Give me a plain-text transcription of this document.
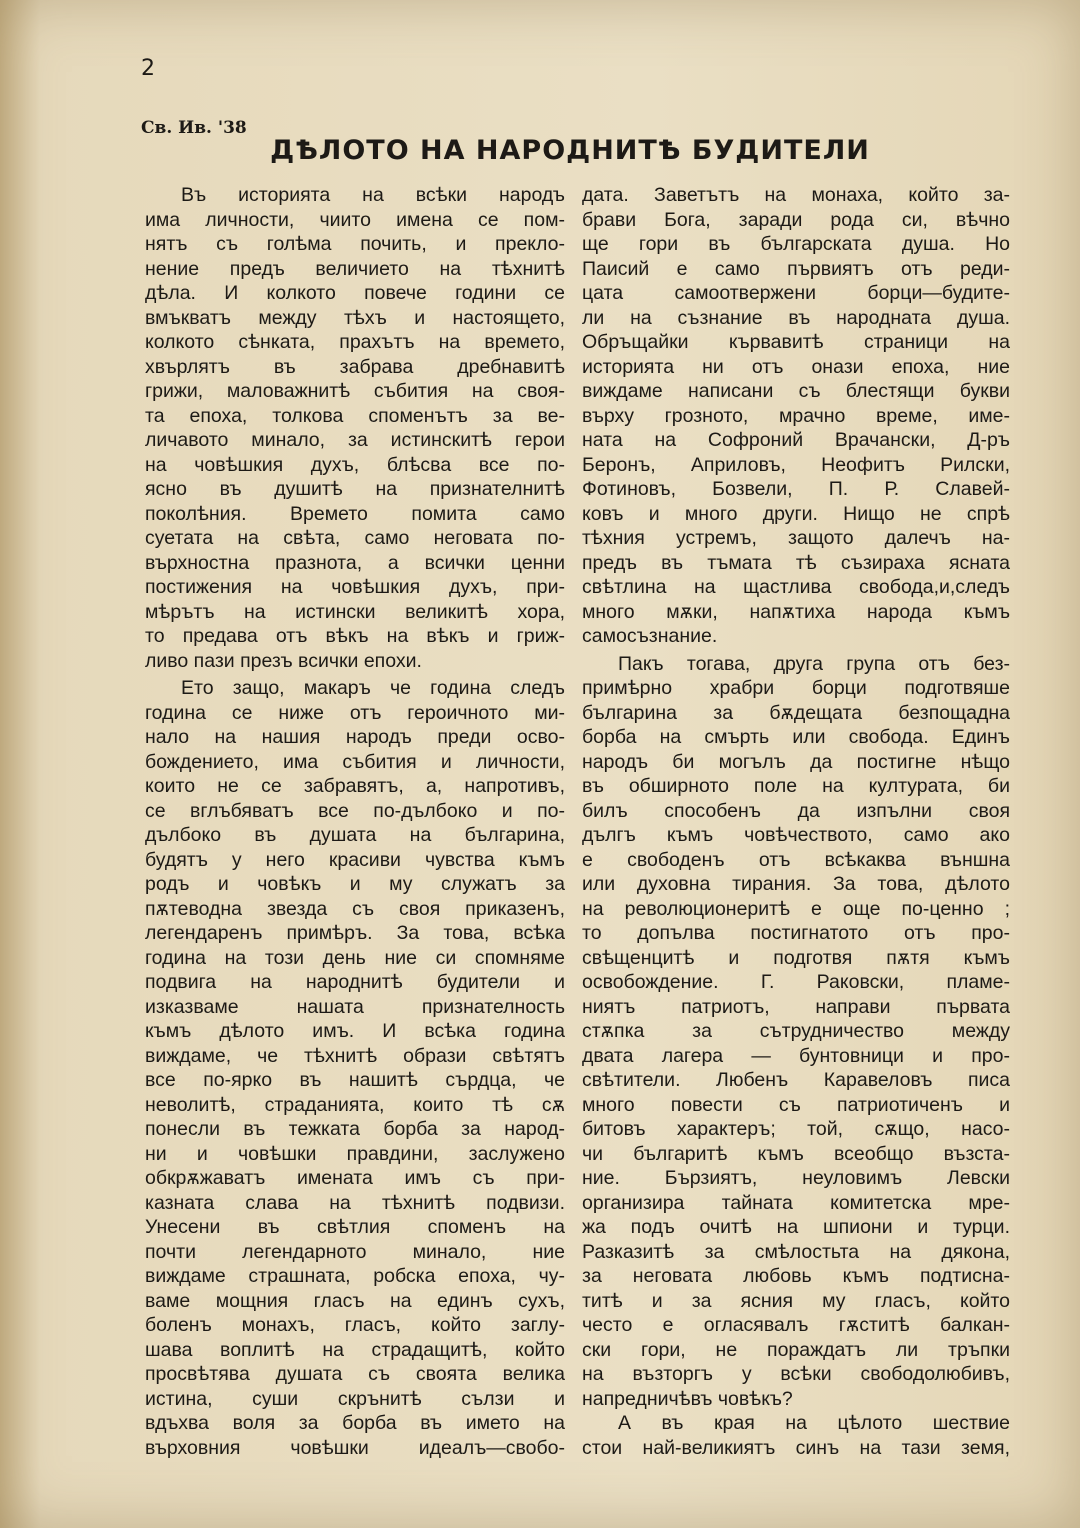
2
Св. Ив. '38
ДѢЛОТО НА НАРОДНИТѢ БУДИТЕЛИ
Въ историята на всѣки народъ
има личности, чиито имена се пом-
нятъ съ голѣма почить, и прекло-
нение предъ величието на тѣхнитѣ
дѣла. И колкото повече години се
вмъкватъ между тѣхъ и настоящето,
колкото сѣнката, прахътъ на времето,
хвърлятъ въ забрава дребнавитѣ
грижи, маловажнитѣ събития на своя-
та епоха, толкова споменътъ за ве-
личавото минало, за истинскитѣ герои
на човѣшкия духъ, блѣсва все по-
ясно въ душитѣ на признателнитѣ
поколѣния. Времето помита само
суетата на свѣта, само неговата по-
върхностна празнота, а всички ценни
постижения на човѣшкия духъ, при-
мѣрътъ на истински великитѣ хора,
то предава отъ вѣкъ на вѣкъ и гриж-
ливо пази презъ всички епохи.
Ето защо, макаръ че година следъ
година се ниже отъ героичното ми-
нало на нашия народъ преди осво-
бождението, има събития и личности,
които не се забравятъ, а, напротивъ,
се вглъбяватъ все по-дълбоко и по-
дълбоко въ душата на българина,
будятъ у него красиви чувства къмъ
родъ и човѣкъ и му служатъ за
пѫтеводна звезда съ своя приказенъ,
легендаренъ примѣръ. За това, всѣка
година на този день ние си спомняме
подвига на народнитѣ будители и
изказваме нашата признателность
къмъ дѣлото имъ. И всѣка година
виждаме, че тѣхнитѣ образи свѣтятъ
все по-ярко въ нашитѣ сърдца, че
неволитѣ, страданията, които тѣ сѫ
понесли въ тежката борба за народ-
ни и човѣшки правдини, заслужено
обкрѫжаватъ имената имъ съ при-
казната слава на тѣхнитѣ подвизи.
Унесени въ свѣтлия споменъ на
почти легендарното минало, ние
виждаме страшната, робска епоха, чу-
ваме мощния гласъ на единъ сухъ,
боленъ монахъ, гласъ, който заглу-
шава воплитѣ на страдащитѣ, който
просвѣтява душата съ своята велика
истина, суши скрънитѣ сълзи и
вдъхва воля за борба въ името на
върховния човѣшки идеалъ—свобо-
дата. Заветътъ на монаха, който за-
брави Бога, заради рода си, вѣчно
ще гори въ българската душа. Но
Паисий е само първиятъ отъ реди-
цата самоотвержени борци—будите-
ли на съзнание въ народната душа.
Обръщайки кървавитѣ страници на
историята ни отъ онази епоха, ние
виждаме написани съ блестящи букви
върху грозното, мрачно време, име-
ната на Софроний Врачански, Д-ръ
Беронъ, Априловъ, Неофитъ Рилски,
Фотиновъ, Бозвели, П. Р. Славей-
ковъ и много други. Нищо не спрѣ
тѣхния устремъ, защото далечъ на-
предъ въ тъмата тѣ съзираха ясната
свѣтлина на щастлива свобода,и,следъ
много мѫки, напѫтиха народа къмъ
самосъзнание.
Пакъ тогава, друга група отъ без-
примѣрно храбри борци подготвяше
българина за бѫдещата безпощадна
борба на смърть или свобода. Единъ
народъ би могълъ да постигне нѣщо
въ обширното поле на културата, би
билъ способенъ да изпълни своя
дългъ къмъ човѣчеството, само ако
е свободенъ отъ всѣкаква външна
или духовна тирания. За това, дѣлото
на революционеритѣ е още по-ценно ;
то допълва постигнатото отъ про-
свѣщенцитѣ и подготвя пѫтя къмъ
освобождение. Г. Раковски, пламе-
ниятъ патриотъ, направи първата
стѫпка за сътрудничество между
двата лагера — бунтовници и про-
свѣтители. Любенъ Каравеловъ писа
много повести съ патриотиченъ и
битовъ характеръ; той, сѫщо, насо-
чи българитѣ къмъ всеобщо възста-
ние. Бързиятъ, неуловимъ Левски
организира тайната комитетска мре-
жа подъ очитѣ на шпиони и турци.
Разказитѣ за смѣлостьта на дякона,
за неговата любовь къмъ подтисна-
титѣ и за ясния му гласъ, който
често е огласявалъ гѫститѣ балкан-
ски гори, не пораждатъ ли тръпки
на възторгъ у всѣки свободолюбивъ,
напредничѣвъ човѣкъ?
А въ края на цѣлото шествие
стои най-великиятъ синъ на тази земя,
